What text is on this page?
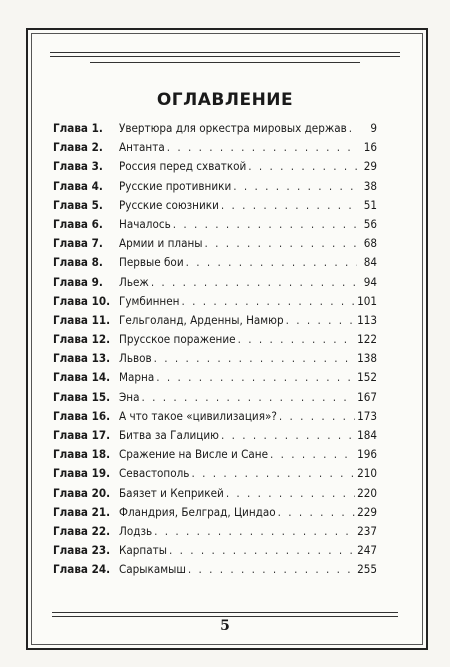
ОГЛАВЛЕНИЕ
Глава 1.	Увертюра для оркестра мировых держав . . .	9
Глава 2.	Антанта . . .	16
Глава 3.	Россия перед схваткой . . .	29
Глава 4.	Русские противники . . .	38
Глава 5.	Русские союзники . . .	51
Глава 6.	Началось . . .	56
Глава 7.	Армии и планы . . .	68
Глава 8.	Первые бои . . .	84
Глава 9.	Льеж . . .	94
Глава 10. Гумбиннен . . .	101
Глава 11. Гельголанд, Арденны, Намюр . . .	113
Глава 12. Прусское поражение . . .	122
Глава 13. Львов . . .	138
Глава 14. Марна . . .	152
Глава 15. Эна . . .	167
Глава 16. А что такое «цивилизация»? . . .	173
Глава 17. Битва за Галицию . . .	184
Глава 18. Сражение на Висле и Сане . . .	196
Глава 19. Севастополь . . .	210
Глава 20. Баязет и Кеприкей . . .	220
Глава 21. Фландрия, Белград, Циндао . . .	229
Глава 22. Лодзь . . .	237
Глава 23. Карпаты . . .	247
Глава 24. Сарыкамыш . . .	255
5
